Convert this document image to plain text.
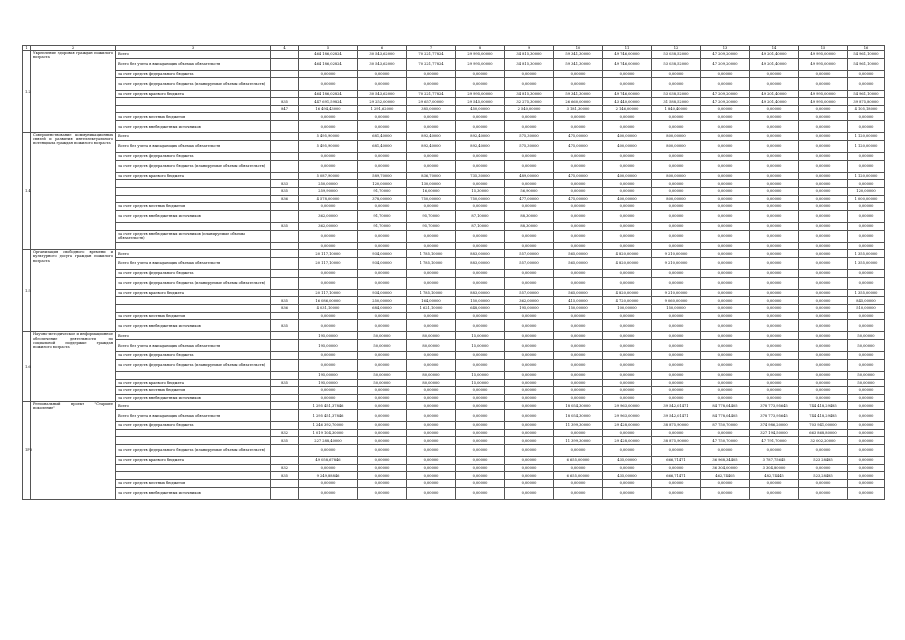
1	2	3	4	5	6	7	8	9	10	11	12	13	14	15	16
1.2	Укрепление здоровья граждан пожилого возраста	Всего		464 186,02824	30 543,62000	70 221,77824	29 995,00000	34 815,30000	59 341,30000	49 746,00000	53 038,52000	47 209,20000	49 201,40000	49 995,00000	54 961,10000
		Всего без учета в выпадающих объемах обязательств		464 186,02824	30 543,62000	70 221,77824	29 995,00000	34 815,30000	59 341,30000	49 746,00000	53 038,52000	47 209,20000	49 201,40000	49 995,00000	54 961,10000
		за счет средств федерального бюджета		0,00000	0,00000	0,00000	0,00000	0,00000	0,00000	0,00000	0,00000	0,00000	0,00000	0,00000	0,00000
		за счет средств федерального бюджета (планируемые объемы обязательств)		0,00000	0,00000	0,00000	0,00000	0,00000	0,00000	0,00000	0,00000	0,00000	0,00000	0,00000	0,00000
		за счет средств краевого бюджета		464 186,02824	30 543,62000	70 221,77824	29 995,00000	34 815,30000	59 341,30000	49 746,00000	53 038,52000	47 209,20000	49 201,40000	49 995,00000	54 961,10000
			835	447 691,59824	29 252,00000	29 657,00000	29 545,00000	32 275,30000	26 660,00000	43 440,00000	31 588,52000	47 209,20000	49 201,40000	49 995,00000	39 875,80000
			847	16 494,43000	1 291,62000	385,00000	450,00000	2 540,00000	3 181,30000	2 146,00000	1 840,40000	0,00000	0,00000	0,00000	4 105,18000
		за счет средств местных бюджетов		0,00000	0,00000	0,00000	0,00000	0,00000	0,00000	0,00000	0,00000	0,00000	0,00000	0,00000	0,00000
		за счет средств внебюджетных источников		0,00000	0,00000	0,00000	0,00000	0,00000	0,00000	0,00000	0,00000	0,00000	0,00000	0,00000	0,00000
1.4	Совершенствование коммуникационных связей и развития интеллектуального потенциала граждан пожилого возраста	Всего		5 495,90000	681,40000	892,40000	892,40000	575,30000	475,00000	400,00000	800,00000	0,00000	0,00000	0,00000	1 120,00000
		Всего без учета в выпадающих объемах обязательств		5 495,90000	681,40000	892,40000	892,40000	575,30000	475,00000	400,00000	800,00000	0,00000	0,00000	0,00000	1 120,00000
		за счет средств федерального бюджета		0,00000	0,00000	0,00000	0,00000	0,00000	0,00000	0,00000	0,00000	0,00000	0,00000	0,00000	0,00000
		за счет средств федерального бюджета (планируемые объемы обязательств)		0,00000	0,00000	0,00000	0,00000	0,00000	0,00000	0,00000	0,00000	0,00000	0,00000	0,00000	0,00000
		за счет средств краевого бюджета		5 087,90000	589,70000	836,70000	735,30000	489,00000	475,00000	400,00000	800,00000	0,00000	0,00000	0,00000	1 120,00000
			833	250,00000	120,00000	130,00000	0,00000	0,00000	0,00000	0,00000	0,00000	0,00000	0,00000	0,00000	0,00000
			835	259,90000	91,70000	16,00000	15,30000	56,90000	0,00000	0,00000	0,00000	0,00000	0,00000	0,00000	120,00000
			836	4 578,00000	378,00000	750,00000	750,00000	477,00000	475,00000	400,00000	800,00000	0,00000	0,00000	0,00000	1 000,00000
		за счет средств местных бюджетов		0,00000	0,00000	0,00000	0,00000	0,00000	0,00000	0,00000	0,00000	0,00000	0,00000	0,00000	0,00000
		за счет средств внебюджетных источников		362,00000	91,70000	95,70000	87,10000	88,30000	0,00000	0,00000	0,00000	0,00000	0,00000	0,00000	0,00000
			835	362,00000	91,70000	95,70000	87,10000	88,30000	0,00000	0,00000	0,00000	0,00000	0,00000	0,00000	0,00000
		за счет средств внебюджетных источников (планируемые объемы обязательств)		0,00000	0,00000	0,00000	0,00000	0,00000	0,00000	0,00000	0,00000	0,00000	0,00000	0,00000	0,00000
				0,00000	0,00000	0,00000	0,00000	0,00000	0,00000	0,00000	0,00000	0,00000	0,00000	0,00000	0,00000
1.5	Организация свободного времени и культурного досуга граждан пожилого возраста	Всего		20 117,10000	934,00000	1 785,10000	883,00000	557,00000	565,00000	4 820,00000	9 210,00000	0,00000	0,00000	0,00000	1 355,00000
		Всего без учета в выпадающих объемах обязательств		20 117,10000	934,00000	1 785,10000	883,00000	557,00000	565,00000	4 820,00000	9 210,00000	0,00000	0,00000	0,00000	1 355,00000
		за счет средств федерального бюджета		0,00000	0,00000	0,00000	0,00000	0,00000	0,00000	0,00000	0,00000	0,00000	0,00000	0,00000	0,00000
		за счет средств федерального бюджета (планируемые объемы обязательств)		0,00000	0,00000	0,00000	0,00000	0,00000	0,00000	0,00000	0,00000	0,00000	0,00000	0,00000	0,00000
		за счет средств краевого бюджета		20 117,10000	934,00000	1 785,10000	883,00000	557,00000	565,00000	4 820,00000	9 210,00000	0,00000	0,00000	0,00000	1 355,00000
			835	16 086,00000	250,00000	164,00000	150,00000	362,00000	415,00000	4 720,00000	9 060,00000	0,00000	0,00000	0,00000	845,00000
			836	4 031,10000	684,00000	1 621,10000	648,00000	195,00000	150,00000	100,00000	150,00000	0,00000	0,00000	0,00000	510,00000
		за счет средств местных бюджетов		0,00000	0,00000	0,00000	0,00000	0,00000	0,00000	0,00000	0,00000	0,00000	0,00000	0,00000	0,00000
		за счет средств внебюджетных источников	835	0,00000	0,00000	0,00000	0,00000	0,00000	0,00000	0,00000	0,00000	0,00000	0,00000	0,00000	0,00000
1.6	Научно-методическое и информационное обеспечение деятельности по социальной поддержке граждан пожилого возраста	Всего		195,00000	50,00000	80,00000	15,00000	0,00000	0,00000	0,00000	0,00000	0,00000	0,00000	0,00000	50,00000
		Всего без учета в выпадающих объемах обязательств		195,00000	50,00000	80,00000	15,00000	0,00000	0,00000	0,00000	0,00000	0,00000	0,00000	0,00000	50,00000
		за счет средств федерального бюджета		0,00000	0,00000	0,00000	0,00000	0,00000	0,00000	0,00000	0,00000	0,00000	0,00000	0,00000	0,00000
		за счет средств федерального бюджета (планируемые объемы обязательств)		0,00000	0,00000	0,00000	0,00000	0,00000	0,00000	0,00000	0,00000	0,00000	0,00000	0,00000	0,00000
				195,00000	50,00000	80,00000	15,00000	0,00000	0,00000	0,00000	0,00000	0,00000	0,00000	0,00000	50,00000
		за счет средств краевого бюджета	835	195,00000	50,00000	80,00000	15,00000	0,00000	0,00000	0,00000	0,00000	0,00000	0,00000	0,00000	50,00000
		за счет средств местных бюджетов		0,00000	0,00000	0,00000	0,00000	0,00000	0,00000	0,00000	0,00000	0,00000	0,00000	0,00000	0,00000
		за счет средств внебюджетных источников		0,00000	0,00000	0,00000	0,00000	0,00000	0,00000	0,00000	0,00000	0,00000	0,00000	0,00000	0,00000
1Р3	Региональный проект "Старшее поколение"	Всего		1 295 451,37846	0,00000	0,00000	0,00000	0,00000	18 054,30000	29 963,00000	39 542,01471	84 778,04405	378 773,95645	744 418,29485	0,00000
		Всего без учета в выпадающих объемах обязательств		1 295 451,37846	0,00000	0,00000	0,00000	0,00000	18 054,30000	29 963,00000	39 542,01471	84 778,04405	378 773,95645	744 418,29485	0,00000
		за счет средств федерального бюджета		1 246 392,70000	0,00000	0,00000	0,00000	0,00000	11 399,30000	29 428,00000	38 875,90000	87 750,70000	374 986,20000	703 941,00000	0,00000
			832	1 019 104,30000	0,00000	0,00000	0,00000	0,00000	0,00000	0,00000	0,00000	0,00000	327 194,50000	663 868,80000	0,00000
			835	227 288,40000	0,00000	0,00000	0,00000	0,00000	11 399,30000	29 428,00000	38 875,90000	47 750,70000	47 791,70000	32 002,20000	0,00000
		за счет средств федерального бюджета (планируемые объемы обязательств)		0,00000	0,00000	0,00000	0,00000	0,00000	0,00000	0,00000	0,00000	0,00000	0,00000	0,00000	0,00000
		за счет средств краевого бюджета		49 058,67846	0,00000	0,00000	0,00000	0,00000	6 655,00000	435,00000	666,71471	36 968,34405	3 787,75645	523 28485	0,00000
			832	0,00000	0,00000	0,00000	0,00000	0,00000	0,00000	0,00000	0,00000	36 304,00000	3 304,80000	0,00000	0,00000
			835	9 249,88846	0,00000	0,00000	0,00000	0,00000	6 655,00000	435,00000	666,71471	462,74405	482,74445	523,28485	0,00000
		за счет средств местных бюджетов		0,00000	0,00000	0,00000	0,00000	0,00000	0,00000	0,00000	0,00000	0,00000	0,00000	0,00000	0,00000
		за счет средств внебюджетных источников		0,00000	0,00000	0,00000	0,00000	0,00000	0,00000	0,00000	0,00000	0,00000	0,00000	0,00000	0,00000
